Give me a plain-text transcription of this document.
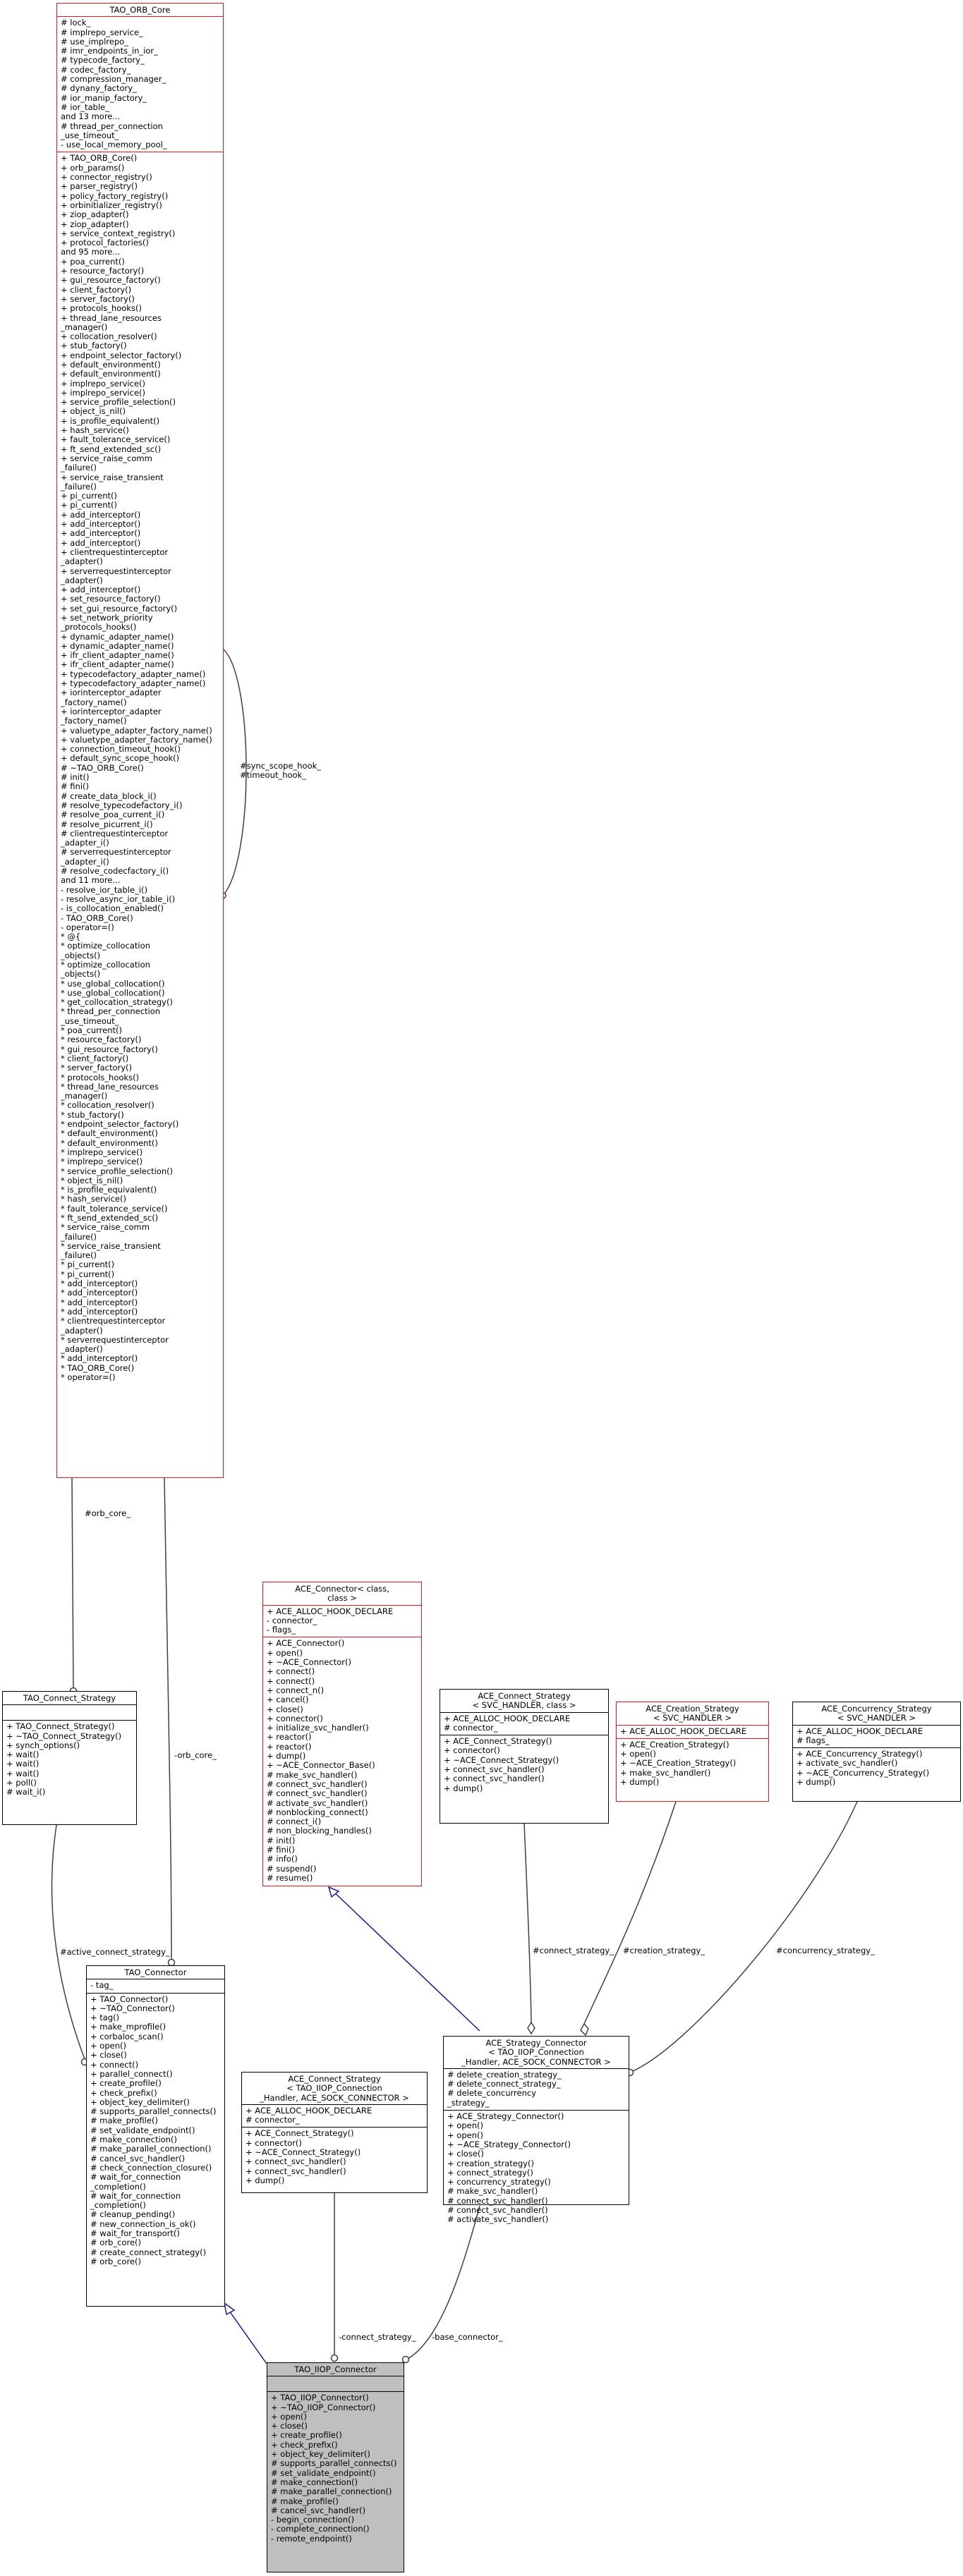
TAO_ORB_Core
# lock_
# implrepo_service_
# use_implrepo_
# imr_endpoints_in_ior_
# typecode_factory_
# codec_factory_
# compression_manager_
# dynany_factory_
# ior_manip_factory_
# ior_table_
and 13 more...
# thread_per_connection
_use_timeout_
- use_local_memory_pool_
+ TAO_ORB_Core()
+ orb_params()
+ connector_registry()
+ parser_registry()
+ policy_factory_registry()
+ orbinitializer_registry()
+ ziop_adapter()
+ ziop_adapter()
+ service_context_registry()
+ protocol_factories()
and 95 more...
+ poa_current()
+ resource_factory()
+ gui_resource_factory()
+ client_factory()
+ server_factory()
+ protocols_hooks()
+ thread_lane_resources
_manager()
+ collocation_resolver()
+ stub_factory()
+ endpoint_selector_factory()
+ default_environment()
+ default_environment()
+ implrepo_service()
+ implrepo_service()
+ service_profile_selection()
+ object_is_nil()
+ is_profile_equivalent()
+ hash_service()
+ fault_tolerance_service()
+ ft_send_extended_sc()
+ service_raise_comm
_failure()
+ service_raise_transient
_failure()
+ pi_current()
+ pi_current()
+ add_interceptor()
+ add_interceptor()
+ add_interceptor()
+ add_interceptor()
+ clientrequestinterceptor
_adapter()
+ serverrequestinterceptor
_adapter()
+ add_interceptor()
+ set_resource_factory()
+ set_gui_resource_factory()
+ set_network_priority
_protocols_hooks()
+ dynamic_adapter_name()
+ dynamic_adapter_name()
+ ifr_client_adapter_name()
+ ifr_client_adapter_name()
+ typecodefactory_adapter_name()
+ typecodefactory_adapter_name()
+ iorinterceptor_adapter
_factory_name()
+ iorinterceptor_adapter
_factory_name()
+ valuetype_adapter_factory_name()
+ valuetype_adapter_factory_name()
+ connection_timeout_hook()
+ default_sync_scope_hook()
# ~TAO_ORB_Core()
# init()
# fini()
# create_data_block_i()
# resolve_typecodefactory_i()
# resolve_poa_current_i()
# resolve_picurrent_i()
# clientrequestinterceptor
_adapter_i()
# serverrequestinterceptor
_adapter_i()
# resolve_codecfactory_i()
and 11 more...
- resolve_ior_table_i()
- resolve_async_ior_table_i()
- is_collocation_enabled()
- TAO_ORB_Core()
- operator=()
* @{
* optimize_collocation
_objects()
* optimize_collocation
_objects()
* use_global_collocation()
* use_global_collocation()
* get_collocation_strategy()
* thread_per_connection
_use_timeout_
* poa_current()
* resource_factory()
* gui_resource_factory()
* client_factory()
* server_factory()
* protocols_hooks()
* thread_lane_resources
_manager()
* collocation_resolver()
* stub_factory()
* endpoint_selector_factory()
* default_environment()
* default_environment()
* implrepo_service()
* implrepo_service()
* service_profile_selection()
* object_is_nil()
* is_profile_equivalent()
* hash_service()
* fault_tolerance_service()
* ft_send_extended_sc()
* service_raise_comm
_failure()
* service_raise_transient
_failure()
* pi_current()
* pi_current()
* add_interceptor()
* add_interceptor()
* add_interceptor()
* add_interceptor()
* clientrequestinterceptor
_adapter()
* serverrequestinterceptor
_adapter()
* add_interceptor()
* TAO_ORB_Core()
* operator=()
TAO_Connect_Strategy
+ TAO_Connect_Strategy()
+ ~TAO_Connect_Strategy()
+ synch_options()
+ wait()
+ wait()
+ wait()
+ poll()
# wait_i()
ACE_Connector< class,
class >
+ ACE_ALLOC_HOOK_DECLARE
- connector_
- flags_
+ ACE_Connector()
+ open()
+ ~ACE_Connector()
+ connect()
+ connect()
+ connect_n()
+ cancel()
+ close()
+ connector()
+ initialize_svc_handler()
+ reactor()
+ reactor()
+ dump()
+ ~ACE_Connector_Base()
# make_svc_handler()
# connect_svc_handler()
# connect_svc_handler()
# activate_svc_handler()
# nonblocking_connect()
# connect_i()
# non_blocking_handles()
# init()
# fini()
# info()
# suspend()
# resume()
ACE_Connect_Strategy
< SVC_HANDLER, class >
+ ACE_ALLOC_HOOK_DECLARE
# connector_
+ ACE_Connect_Strategy()
+ connector()
+ ~ACE_Connect_Strategy()
+ connect_svc_handler()
+ connect_svc_handler()
+ dump()
ACE_Creation_Strategy
< SVC_HANDLER >
+ ACE_ALLOC_HOOK_DECLARE
+ ACE_Creation_Strategy()
+ open()
+ ~ACE_Creation_Strategy()
+ make_svc_handler()
+ dump()
ACE_Concurrency_Strategy
< SVC_HANDLER >
+ ACE_ALLOC_HOOK_DECLARE
# flags_
+ ACE_Concurrency_Strategy()
+ activate_svc_handler()
+ ~ACE_Concurrency_Strategy()
+ dump()
TAO_Connector
- tag_
+ TAO_Connector()
+ ~TAO_Connector()
+ tag()
+ make_mprofile()
+ corbaloc_scan()
+ open()
+ close()
+ connect()
+ parallel_connect()
+ create_profile()
+ check_prefix()
+ object_key_delimiter()
# supports_parallel_connects()
# make_profile()
# set_validate_endpoint()
# make_connection()
# make_parallel_connection()
# cancel_svc_handler()
# check_connection_closure()
# wait_for_connection
_completion()
# wait_for_connection
_completion()
# cleanup_pending()
# new_connection_is_ok()
# wait_for_transport()
# orb_core()
# create_connect_strategy()
# orb_core()
ACE_Connect_Strategy
< TAO_IIOP_Connection
_Handler, ACE_SOCK_CONNECTOR >
+ ACE_ALLOC_HOOK_DECLARE
# connector_
+ ACE_Connect_Strategy()
+ connector()
+ ~ACE_Connect_Strategy()
+ connect_svc_handler()
+ connect_svc_handler()
+ dump()
ACE_Strategy_Connector
< TAO_IIOP_Connection
_Handler, ACE_SOCK_CONNECTOR >
# delete_creation_strategy_
# delete_connect_strategy_
# delete_concurrency
_strategy_
+ ACE_Strategy_Connector()
+ open()
+ open()
+ ~ACE_Strategy_Connector()
+ close()
+ creation_strategy()
+ connect_strategy()
+ concurrency_strategy()
# make_svc_handler()
# connect_svc_handler()
# connect_svc_handler()
# activate_svc_handler()
TAO_IIOP_Connector
+ TAO_IIOP_Connector()
+ ~TAO_IIOP_Connector()
+ open()
+ close()
+ create_profile()
+ check_prefix()
+ object_key_delimiter()
# supports_parallel_connects()
# set_validate_endpoint()
# make_connection()
# make_parallel_connection()
# make_profile()
# cancel_svc_handler()
- begin_connection()
- complete_connection()
- remote_endpoint()
#sync_scope_hook_
#timeout_hook_
#orb_core_
-orb_core_
#active_connect_strategy_	#connect_strategy_ #creation_strategy_	#concurrency_strategy_
-connect_strategy_ -base_connector_
